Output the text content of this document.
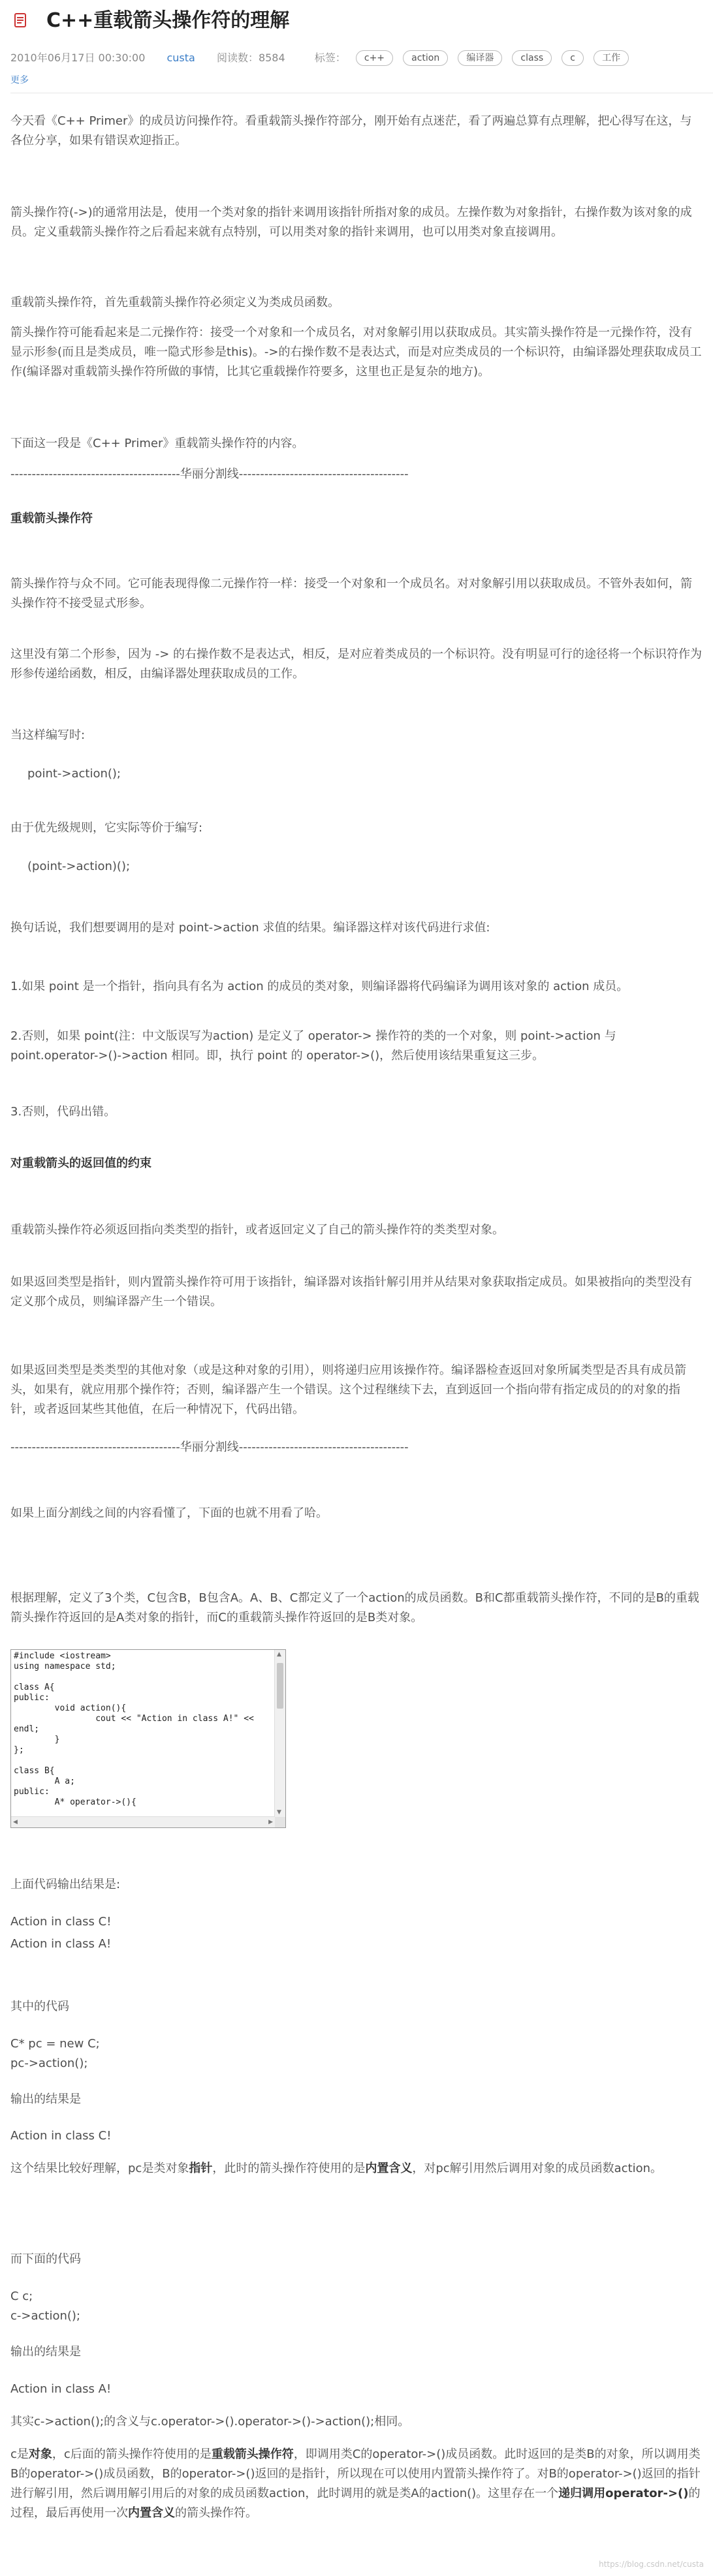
C++重载箭头操作符的理解
2010年06月17日 00:30:00 custa 阅读数：8584	标签： c++	action	编译器	class	c	工作
更多

今天看《C++ Primer》的成员访问操作符。看重载箭头操作符部分，刚开始有点迷茫，看了两遍总算有点理解，把心得写在这，与各位分享，如果有错误欢迎指正。

箭头操作符(->)的通常用法是，使用一个类对象的指针来调用该指针所指对象的成员。左操作数为对象指针，右操作数为该对象的成员。定义重载箭头操作符之后看起来就有点特别，可以用类对象的指针来调用，也可以用类对象直接调用。

重载箭头操作符，首先重载箭头操作符必须定义为类成员函数。

箭头操作符可能看起来是二元操作符：接受一个对象和一个成员名，对对象解引用以获取成员。其实箭头操作符是一元操作符，没有显示形参(而且是类成员，唯一隐式形参是this)。->的右操作数不是表达式，而是对应类成员的一个标识符，由编译器处理获取成员工作(编译器对重载箭头操作符所做的事情，比其它重载操作符要多，这里也正是复杂的地方)。

下面这一段是《C++ Primer》重载箭头操作符的内容。

----------------------------------------华丽分割线----------------------------------------

重载箭头操作符

箭头操作符与众不同。它可能表现得像二元操作符一样：接受一个对象和一个成员名。对对象解引用以获取成员。不管外表如何，箭头操作符不接受显式形参。

这里没有第二个形参，因为 -> 的右操作数不是表达式，相反，是对应着类成员的一个标识符。没有明显可行的途径将一个标识符作为形参传递给函数，相反，由编译器处理获取成员的工作。

当这样编写时:

point->action();

由于优先级规则，它实际等价于编写:

(point->action)();

换句话说，我们想要调用的是对 point->action 求值的结果。编译器这样对该代码进行求值:

1.如果 point 是一个指针，指向具有名为 action 的成员的类对象，则编译器将代码编译为调用该对象的 action 成员。

2.否则，如果 point(注：中文版误写为action) 是定义了 operator-> 操作符的类的一个对象，则 point->action 与 point.operator->()->action 相同。即，执行 point 的 operator->()，然后使用该结果重复这三步。

3.否则，代码出错。

对重载箭头的返回值的约束

重载箭头操作符必须返回指向类类型的指针，或者返回定义了自己的箭头操作符的类类型对象。

如果返回类型是指针，则内置箭头操作符可用于该指针，编译器对该指针解引用并从结果对象获取指定成员。如果被指向的类型没有定义那个成员，则编译器产生一个错误。

如果返回类型是类类型的其他对象（或是这种对象的引用），则将递归应用该操作符。编译器检查返回对象所属类型是否具有成员箭头，如果有，就应用那个操作符；否则，编译器产生一个错误。这个过程继续下去，直到返回一个指向带有指定成员的的对象的指针，或者返回某些其他值，在后一种情况下，代码出错。

----------------------------------------华丽分割线----------------------------------------

如果上面分割线之间的内容看懂了，下面的也就不用看了哈。

根据理解，定义了3个类，C包含B，B包含A。A、B、C都定义了一个action的成员函数。B和C都重载箭头操作符，不同的是B的重载箭头操作符返回的是A类对象的指针，而C的重载箭头操作符返回的是B类对象。

上面代码输出结果是:

Action in class C!

Action in class A!

其中的代码

C* pc = new C;

pc->action();

输出的结果是

Action in class C!

这个结果比较好理解，pc是类对象指针，此时的箭头操作符使用的是内置含义，对pc解引用然后调用对象的成员函数action。

而下面的代码

C c;

c->action();

输出的结果是

Action in class A!

其实c->action();的含义与c.operator->().operator->()->action();相同。

c是对象，c后面的箭头操作符使用的是重载箭头操作符，即调用类C的operator->()成员函数。此时返回的是类B的对象，所以调用类B的operator->()成员函数，B的operator->()返回的是指针，所以现在可以使用内置箭头操作符了。对B的operator->()返回的指针进行解引用，然后调用解引用后的对象的成员函数action，此时调用的就是类A的action()。这里存在一个递归调用operator->()的过程，最后再使用一次内置含义的箭头操作符。

#include <iostream>
using namespace std;

class A{
public:
void action(){
cout << "Action in class A!" <<
endl;
}
};

class B{
A a;
public:
A* operator->(){
▲
▼
◀	▶
https://blog.csdn.net/custa
